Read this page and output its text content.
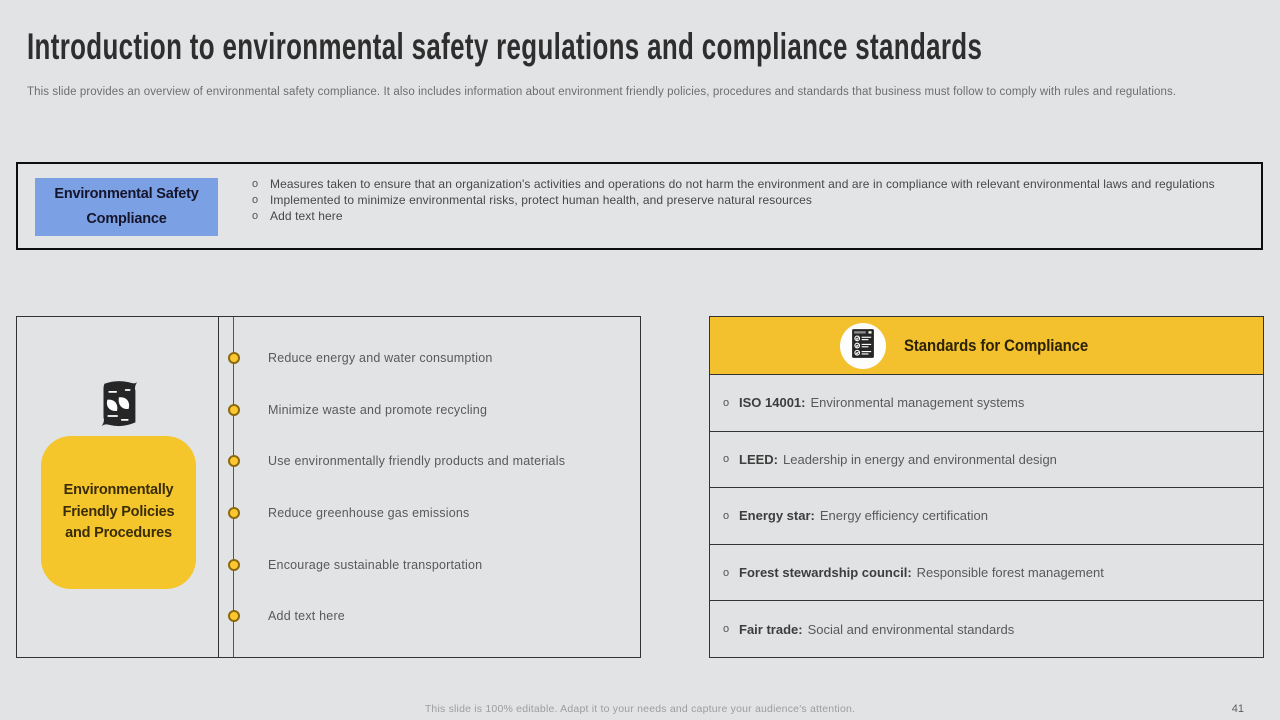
Introduction to environmental safety regulations and compliance standards
This slide provides an overview of environmental safety compliance. It also includes information about environment friendly policies, procedures and standards that business must follow to comply with rules and regulations.
Environmental Safety Compliance
o Measures taken to ensure that an organization's activities and operations do not harm the environment and are in compliance with relevant environmental laws and regulations
o Implemented to minimize environmental risks, protect human health, and preserve natural resources
o Add text here
Environmentally Friendly Policies and Procedures
Reduce energy and water consumption
Minimize waste and promote recycling
Use environmentally friendly products and materials
Reduce greenhouse gas emissions
Encourage sustainable transportation
Add text here
Standards for Compliance
o ISO 14001: Environmental management systems
o LEED: Leadership in energy and environmental design
o Energy star: Energy efficiency certification
o Forest stewardship council: Responsible forest management
o Fair trade: Social and environmental standards
This slide is 100% editable. Adapt it to your needs and capture your audience's attention.	41
